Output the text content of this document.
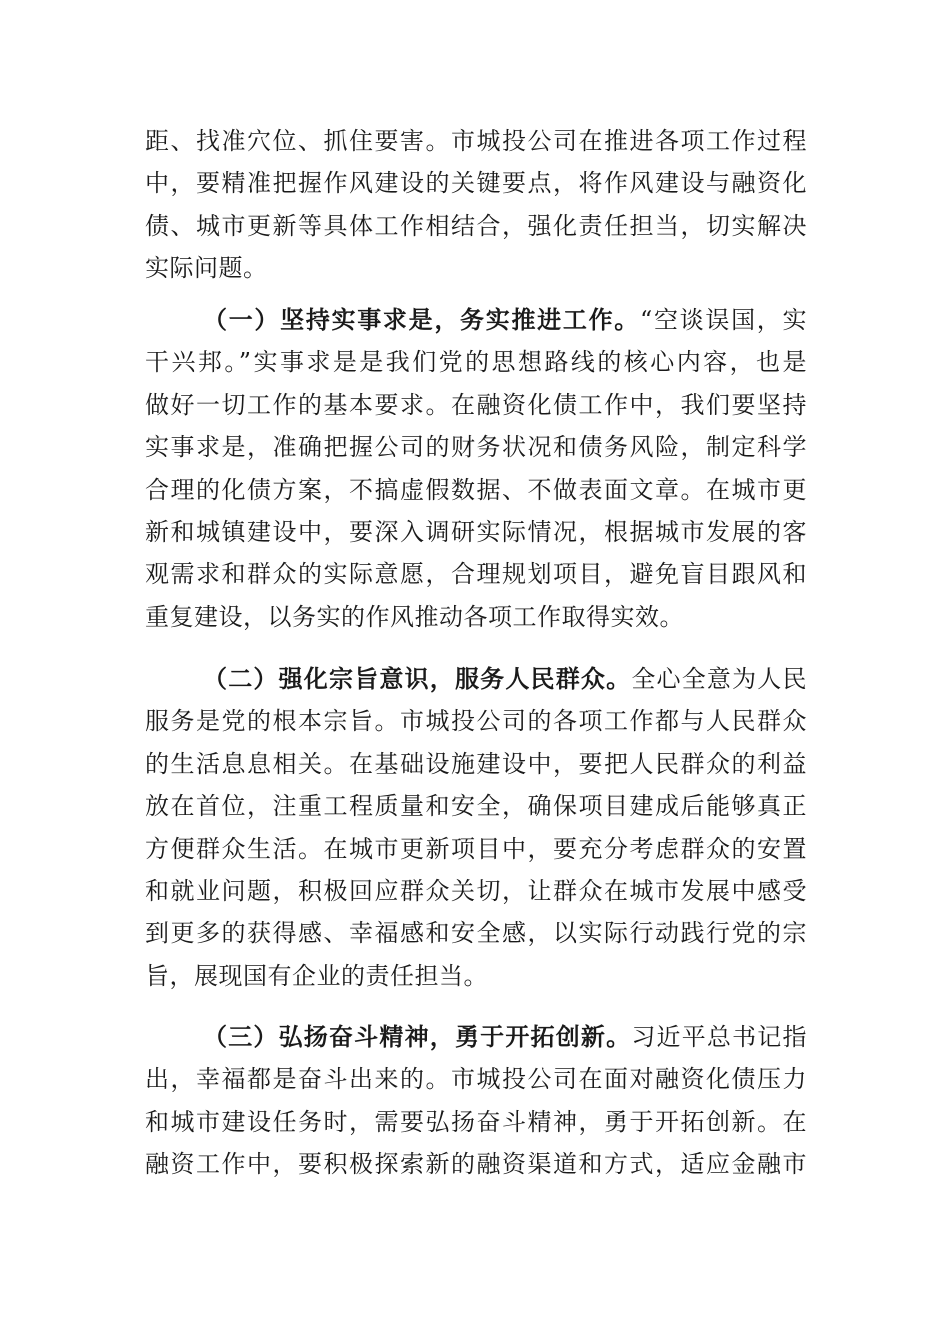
距、找准穴位、抓住要害。市城投公司在推进各项工作过程
中，要精准把握作风建设的关键要点，将作风建设与融资化
债、城市更新等具体工作相结合，强化责任担当，切实解决
实际问题。
（一）坚持实事求是，务实推进工作。“空谈误国，实
干兴邦。”实事求是是我们党的思想路线的核心内容，也是
做好一切工作的基本要求。在融资化债工作中，我们要坚持
实事求是，准确把握公司的财务状况和债务风险，制定科学
合理的化债方案，不搞虚假数据、不做表面文章。在城市更
新和城镇建设中，要深入调研实际情况，根据城市发展的客
观需求和群众的实际意愿，合理规划项目，避免盲目跟风和
重复建设，以务实的作风推动各项工作取得实效。
（二）强化宗旨意识，服务人民群众。全心全意为人民
服务是党的根本宗旨。市城投公司的各项工作都与人民群众
的生活息息相关。在基础设施建设中，要把人民群众的利益
放在首位，注重工程质量和安全，确保项目建成后能够真正
方便群众生活。在城市更新项目中，要充分考虑群众的安置
和就业问题，积极回应群众关切，让群众在城市发展中感受
到更多的获得感、幸福感和安全感，以实际行动践行党的宗
旨，展现国有企业的责任担当。
（三）弘扬奋斗精神，勇于开拓创新。习近平总书记指
出，幸福都是奋斗出来的。市城投公司在面对融资化债压力
和城市建设任务时，需要弘扬奋斗精神，勇于开拓创新。在
融资工作中，要积极探索新的融资渠道和方式，适应金融市
